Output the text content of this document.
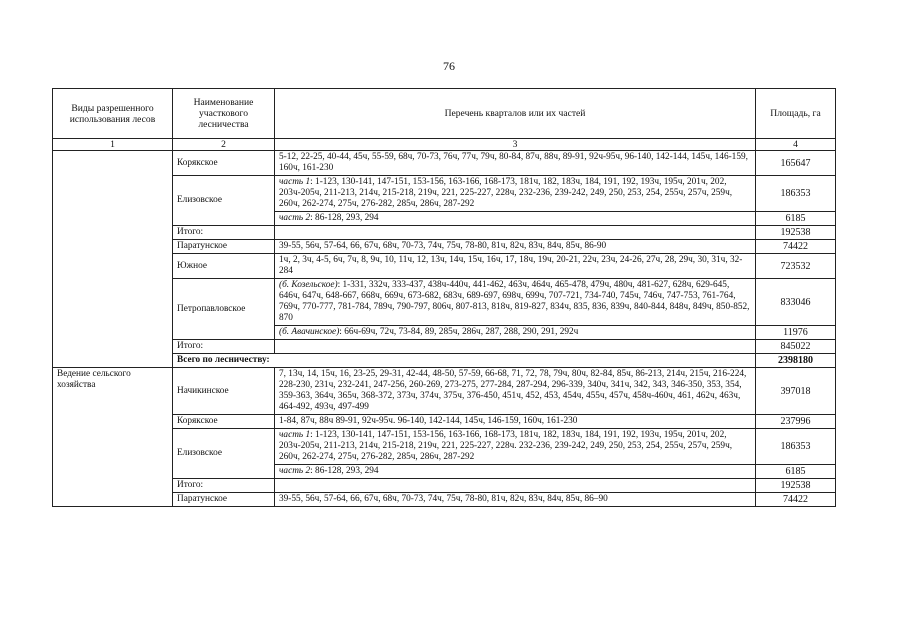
76
Виды разрешенного использования лесов	Наименование участкового лесничества	Перечень кварталов или их частей	Площадь, га
1	2	3	4
	Корякское	5-12, 22-25, 40-44, 45ч, 55-59, 68ч, 70-73, 76ч, 77ч, 79ч, 80-84, 87ч, 88ч, 89-91, 92ч-95ч, 96-140, 142-144, 145ч, 146-159, 160ч, 161-230	165647
	Елизовское	часть 1: 1-123, 130-141, 147-151, 153-156, 163-166, 168-173, 181ч, 182, 183ч, 184, 191, 192, 193ч, 195ч, 201ч, 202, 203ч-205ч, 211-213, 214ч, 215-218, 219ч, 221, 225-227, 228ч, 232-236, 239-242, 249, 250, 253, 254, 255ч, 257ч, 259ч, 260ч, 262-274, 275ч, 276-282, 285ч, 286ч, 287-292	186353
		часть 2: 86-128, 293, 294	6185
	Итого:		192538
	Паратунское	39-55, 56ч, 57-64, 66, 67ч, 68ч, 70-73, 74ч, 75ч, 78-80, 81ч, 82ч, 83ч, 84ч, 85ч, 86-90	74422
	Южное	1ч, 2, 3ч, 4-5, 6ч, 7ч, 8, 9ч, 10, 11ч, 12, 13ч, 14ч, 15ч, 16ч, 17, 18ч, 19ч, 20-21, 22ч, 23ч, 24-26, 27ч, 28, 29ч, 30, 31ч, 32-284	723532
	Петропавловское	(б. Козельское): 1-331, 332ч, 333-437, 438ч-440ч, 441-462, 463ч, 464ч, 465-478, 479ч, 480ч, 481-627, 628ч, 629-645, 646ч, 647ч, 648-667, 668ч, 669ч, 673-682, 683ч, 689-697, 698ч, 699ч, 707-721, 734-740, 745ч, 746ч, 747-753, 761-764, 769ч, 770-777, 781-784, 789ч, 790-797, 806ч, 807-813, 818ч, 819-827, 834ч, 835, 836, 839ч, 840-844, 848ч, 849ч, 850-852, 870	833046
		(б. Авачинское): 66ч-69ч, 72ч, 73-84, 89, 285ч, 286ч, 287, 288, 290, 291, 292ч	11976
	Итого:		845022
	Всего по лесничеству:		2398180
Ведение сельского хозяйства	Начикинское	7, 13ч, 14, 15ч, 16, 23-25, 29-31, 42-44, 48-50, 57-59, 66-68, 71, 72, 78, 79ч, 80ч, 82-84, 85ч, 86-213, 214ч, 215ч, 216-224, 228-230, 231ч, 232-241, 247-256, 260-269, 273-275, 277-284, 287-294, 296-339, 340ч, 341ч, 342, 343, 346-350, 353, 354, 359-363, 364ч, 365ч, 368-372, 373ч, 374ч, 375ч, 376-450, 451ч, 452, 453, 454ч, 455ч, 457ч, 458ч-460ч, 461, 462ч, 463ч, 464-492, 493ч, 497-499	397018
	Корякское	1-84, 87ч, 88ч 89-91, 92ч-95ч. 96-140, 142-144, 145ч, 146-159, 160ч, 161-230	237996
	Елизовское	часть 1: 1-123, 130-141, 147-151, 153-156, 163-166, 168-173, 181ч, 182, 183ч, 184, 191, 192, 193ч, 195ч, 201ч, 202, 203ч-205ч, 211-213, 214ч, 215-218, 219ч, 221, 225-227, 228ч. 232-236, 239-242, 249, 250, 253, 254, 255ч, 257ч, 259ч, 260ч, 262-274, 275ч, 276-282, 285ч, 286ч, 287-292	186353
		часть 2: 86-128, 293, 294	6185
	Итого:		192538
	Паратунское	39-55, 56ч, 57-64, 66, 67ч, 68ч, 70-73, 74ч, 75ч, 78-80, 81ч, 82ч, 83ч, 84ч, 85ч, 86–90	74422
